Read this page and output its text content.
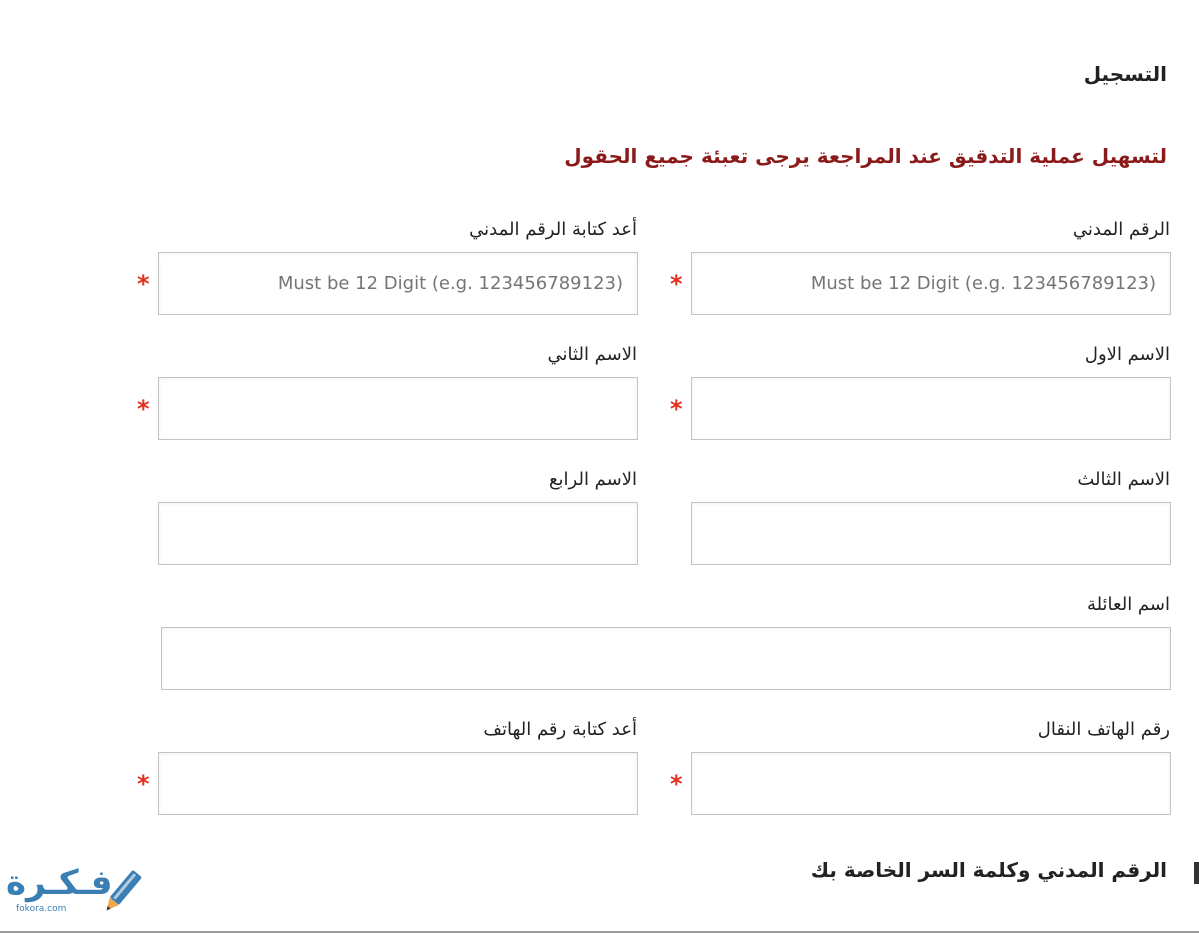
التسجيل
لتسهيل عملية التدقيق عند المراجعة يرجى تعبئة جميع الحقول
الرقم المدني
Must be 12 Digit (e.g. 123456789123)
*
أعد كتابة الرقم المدني
Must be 12 Digit (e.g. 123456789123)
*
الاسم الاول
*
الاسم الثاني
*
الاسم الثالث
الاسم الرابع
اسم العائلة
رقم الهاتف النقال
*
أعد كتابة رقم الهاتف
*
الرقم المدني وكلمة السر الخاصة بك
فـكـرة
fokora.com
